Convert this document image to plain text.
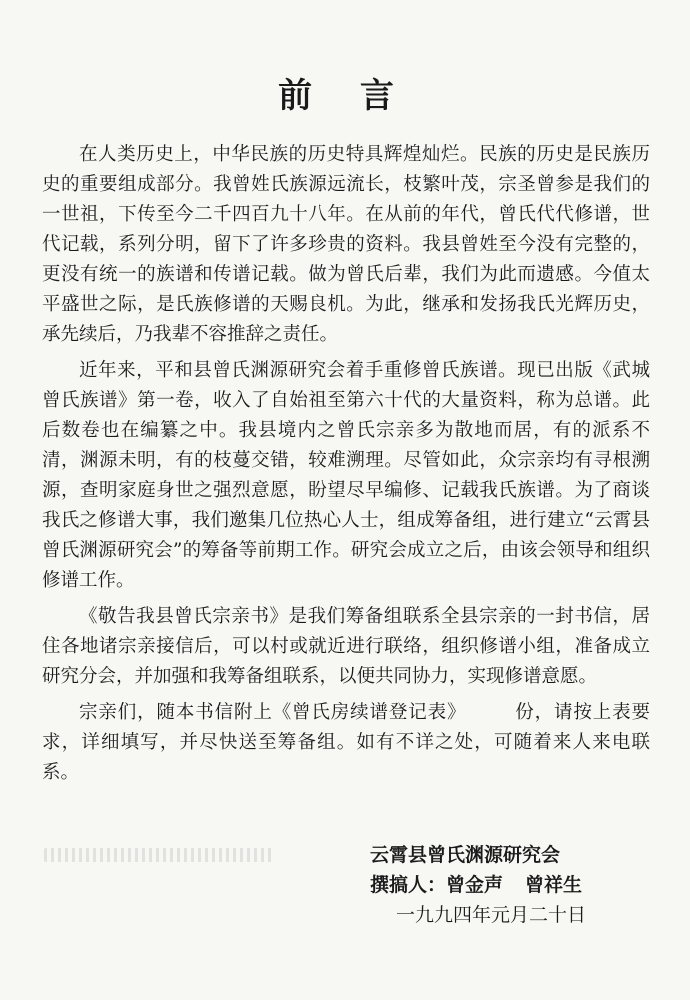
前 言

在人类历史上，中华民族的历史特具辉煌灿烂。民族的历史是民族历史的重要组成部分。我曾姓氏族源远流长，枝繁叶茂，宗圣曾参是我们的一世祖，下传至今二千四百九十八年。在从前的年代，曾氏代代修谱，世代记载，系列分明，留下了许多珍贵的资料。我县曾姓至今没有完整的，更没有统一的族谱和传谱记载。做为曾氏后辈，我们为此而遗感。今值太平盛世之际，是氏族修谱的天赐良机。为此，继承和发扬我氏光辉历史，承先续后，乃我辈不容推辞之责任。

近年来，平和县曾氏渊源研究会着手重修曾氏族谱。现已出版《武城曾氏族谱》第一卷，收入了自始祖至第六十代的大量资料，称为总谱。此后数卷也在编纂之中。我县境内之曾氏宗亲多为散地而居，有的派系不清，渊源未明，有的枝蔓交错，较难溯理。尽管如此，众宗亲均有寻根溯源，查明家庭身世之强烈意愿，盼望尽早编修、记载我氏族谱。为了商谈我氏之修谱大事，我们邀集几位热心人士，组成筹备组，进行建立“云霄县曾氏渊源研究会”的筹备等前期工作。研究会成立之后，由该会领导和组织修谱工作。

《敬告我县曾氏宗亲书》是我们筹备组联系全县宗亲的一封书信，居住各地诸宗亲接信后，可以村或就近进行联络，组织修谱小组，准备成立研究分会，并加强和我筹备组联系，以便共同协力，实现修谱意愿。

宗亲们，随本书信附上《曾氏房续谱登记表》	份，请按上表要求，详细填写，并尽快送至筹备组。如有不详之处，可随着来人来电联系。

云霄县曾氏渊源研究会
撰搞人：曾金声 曾祥生
一九九四年元月二十日
